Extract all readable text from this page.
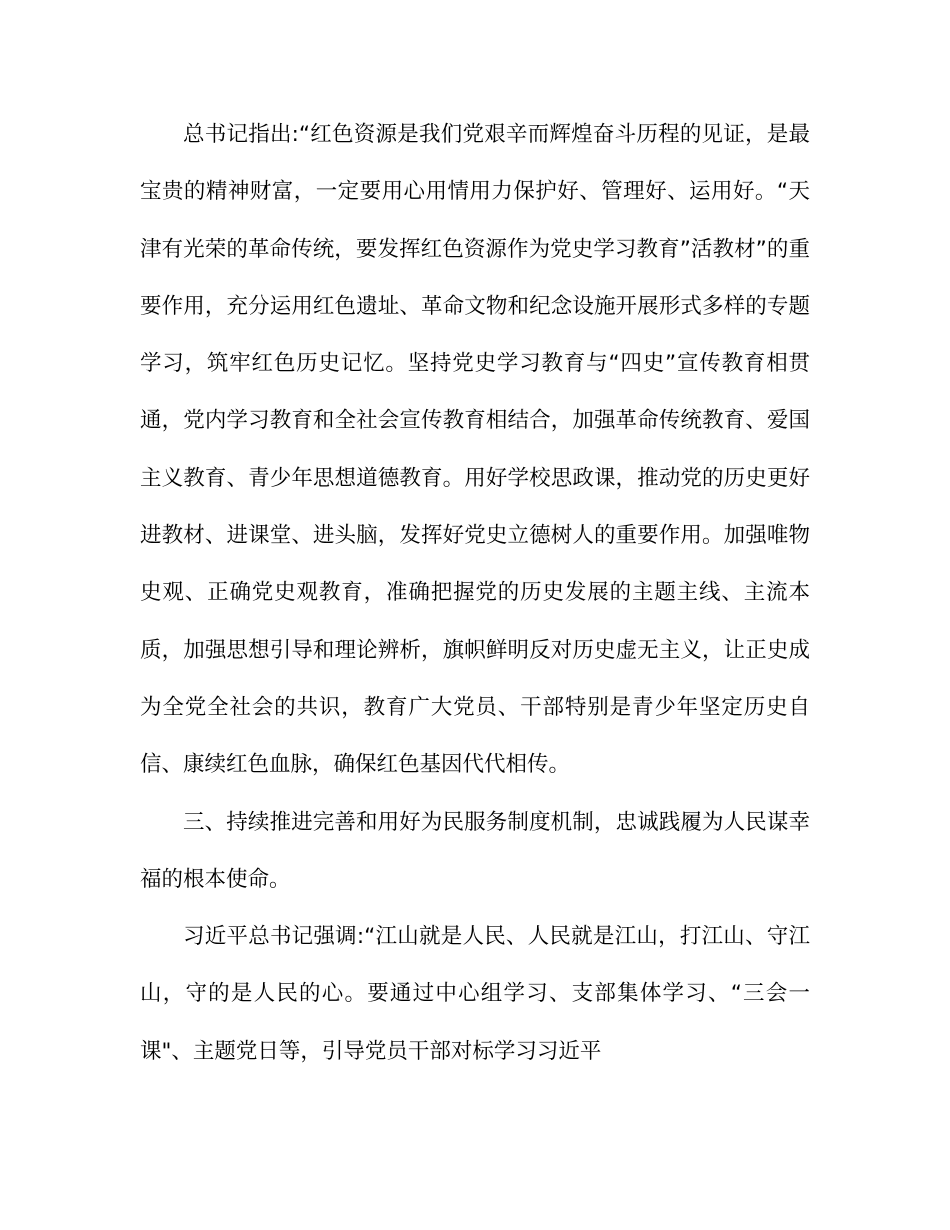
总书记指出:“红色资源是我们党艰辛而辉煌奋斗历程的见证，是最宝贵的精神财富，一定要用心用情用力保护好、管理好、运用好。“天津有光荣的革命传统，要发挥红色资源作为党史学习教育”活教材”的重要作用，充分运用红色遗址、革命文物和纪念设施开展形式多样的专题学习，筑牢红色历史记忆。坚持党史学习教育与“四史”宣传教育相贯通，党内学习教育和全社会宣传教育相结合，加强革命传统教育、爱国主义教育、青少年思想道德教育。用好学校思政课，推动党的历史更好进教材、进课堂、进头脑，发挥好党史立德树人的重要作用。加强唯物史观、正确党史观教育，准确把握党的历史发展的主题主线、主流本质，加强思想引导和理论辨析，旗帜鲜明反对历史虚无主义，让正史成为全党全社会的共识，教育广大党员、干部特别是青少年坚定历史自信、康续红色血脉，确保红色基因代代相传。

三、持续推进完善和用好为民服务制度机制，忠诚践履为人民谋幸福的根本使命。

习近平总书记强调:“江山就是人民、人民就是江山，打江山、守江山，守的是人民的心。要通过中心组学习、支部集体学习、“三会一课"、主题党日等，引导党员干部对标学习习近平
